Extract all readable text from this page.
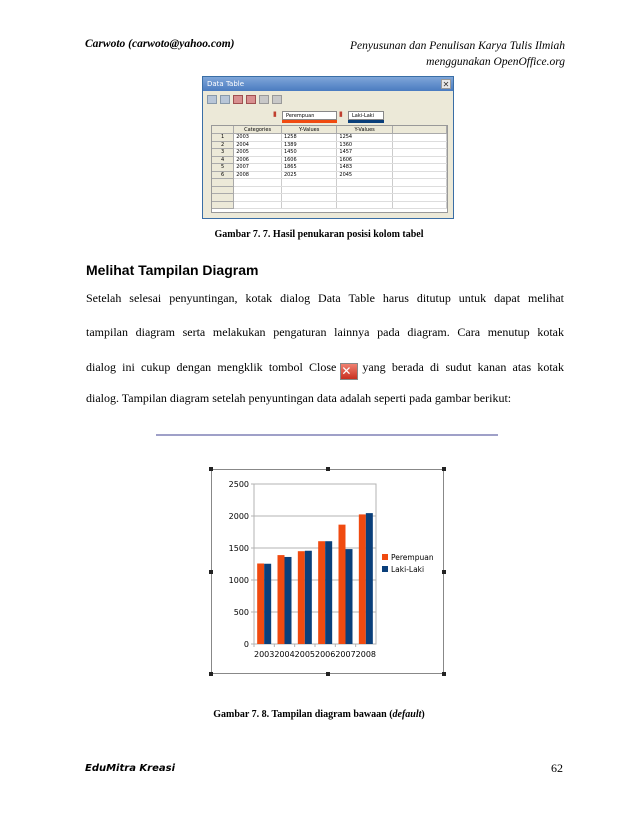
Carwoto (carwoto@yahoo.com)	Penyusunan dan Penulisan Karya Tulis Ilmiah
menggunakan OpenOffice.org
Data Table	✕
▮	Perempuan	▮	Laki-Laki
	Categories	Y-Values	Y-Values	
1	2003	1258	1254	
2	2004	1389	1360	
3	2005	1450	1457	
4	2006	1606	1606	
5	2007	1865	1483	
6	2008	2025	2045	

Gambar 7. 7. Hasil penukaran posisi kolom tabel
Melihat Tampilan Diagram
Setelah selesai penyuntingan, kotak dialog Data Table harus ditutup untuk dapat melihat
tampilan diagram serta melakukan pengaturan lainnya pada diagram. Cara menutup kotak
dialog ini cukup dengan mengklik tombol Close ✕ yang berada di sudut kanan atas kotak
dialog. Tampilan diagram setelah penyuntingan data adalah seperti pada gambar berikut:
0
500
1000
1500
2000
2500
2003 2004 2005 2006 2007 2008
Perempuan
Laki-Laki
Gambar 7. 8. Tampilan diagram bawaan (default)
EduMitra Kreasi	62
